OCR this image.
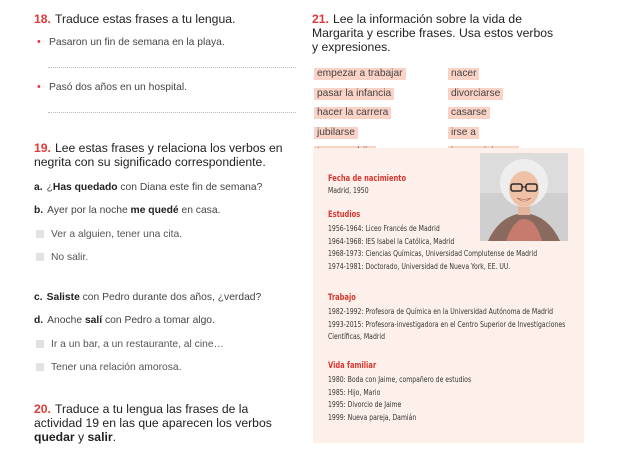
18. Traduce estas frases a tu lengua.
• Pasaron un fin de semana en la playa.
• Pasó dos años en un hospital.
19. Lee estas frases y relaciona los verbos en
negrita con su significado correspondiente.
a. ¿Has quedado con Diana este fin de semana?
b. Ayer por la noche me quedé en casa.
Ver a alguien, tener una cita.
No salir.
c. Saliste con Pedro durante dos años, ¿verdad?
d. Anoche salí con Pedro a tomar algo.
Ir a un bar, a un restaurante, al cine…
Tener una relación amorosa.
20. Traduce a tu lengua las frases de la
actividad 19 en las que aparecen los verbos
quedar y salir.
21. Lee la información sobre la vida de
Margarita y escribe frases. Usa estos verbos
y expresiones.
empezar a trabajar
pasar la infancia
hacer la carrera
jubilarse
nacer
divorciarse
casarse
irse a
Fecha de nacimiento
Madrid, 1950
Estudios
1956-1964: Liceo Francés de Madrid
1964-1968: IES Isabel la Católica, Madrid
1968-1973: Ciencias Químicas, Universidad Complutense de Madrid
1974-1981: Doctorado, Universidad de Nueva York, EE. UU.
Trabajo
1982-1992: Profesora de Química en la Universidad Autónoma de Madrid
1993-2015: Profesora-investigadora en el Centro Superior de Investigaciones
Científicas, Madrid
Vida familiar
1980: Boda con Jaime, compañero de estudios
1985: Hijo, Mario
1995: Divorcio de Jaime
1999: Nueva pareja, Damián
